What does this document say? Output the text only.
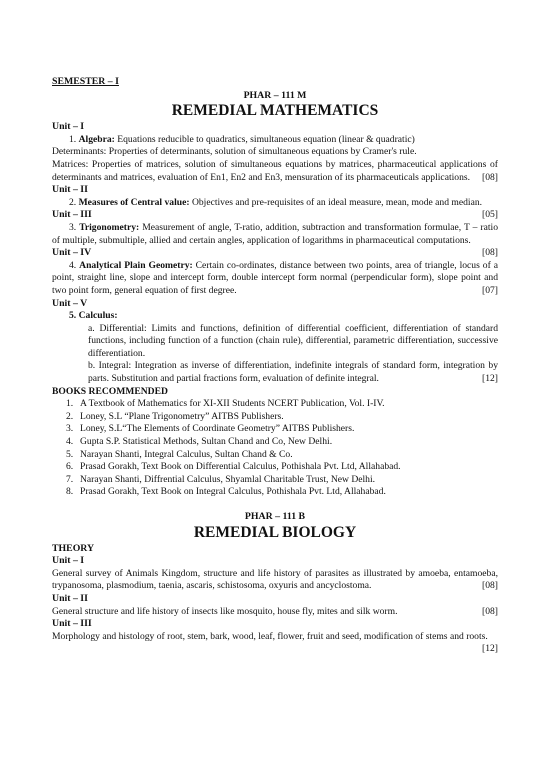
SEMESTER – I
PHAR – 111 M
REMEDIAL MATHEMATICS
Unit – I
1. Algebra: Equations reducible to quadratics, simultaneous equation (linear & quadratic)
Determinants: Properties of determinants, solution of simultaneous equations by Cramer's rule.
Matrices: Properties of matrices, solution of simultaneous equations by matrices, pharmaceutical applications of determinants and matrices, evaluation of En1, En2 and En3, mensuration of its pharmaceuticals applications. [08]
Unit – II
2. Measures of Central value: Objectives and pre-requisites of an ideal measure, mean, mode and median.
[05]
Unit – III
3. Trigonometry: Measurement of angle, T-ratio, addition, subtraction and transformation formulae, T – ratio of multiple, submultiple, allied and certain angles, application of logarithms in pharmaceutical computations.
[08]
Unit – IV
4. Analytical Plain Geometry: Certain co-ordinates, distance between two points, area of triangle, locus of a point, straight line, slope and intercept form, double intercept form normal (perpendicular form), slope point and two point form, general equation of first degree.	[07]
Unit – V
5. Calculus:
a. Differential: Limits and functions, definition of differential coefficient, differentiation of standard functions, including function of a function (chain rule), differential, parametric differentiation, successive differentiation.
b. Integral: Integration as inverse of differentiation, indefinite integrals of standard form, integration by parts. Substitution and partial fractions form, evaluation of definite integral.	[12]
BOOKS RECOMMENDED
1. A Textbook of Mathematics for XI-XII Students NCERT Publication, Vol. I-IV.
2. Loney, S.L “Plane Trigonometry” AITBS Publishers.
3. Loney, S.L“The Elements of Coordinate Geometry” AITBS Publishers.
4. Gupta S.P. Statistical Methods, Sultan Chand and Co, New Delhi.
5. Narayan Shanti, Integral Calculus, Sultan Chand & Co.
6. Prasad Gorakh, Text Book on Differential Calculus, Pothishala Pvt. Ltd, Allahabad.
7. Narayan Shanti, Diffrential Calculus, Shyamlal Charitable Trust, New Delhi.
8. Prasad Gorakh, Text Book on Integral Calculus, Pothishala Pvt. Ltd, Allahabad.
PHAR – 111 B
REMEDIAL BIOLOGY
THEORY
Unit – I
General survey of Animals Kingdom, structure and life history of parasites as illustrated by amoeba, entamoeba, trypanosoma, plasmodium, taenia, ascaris, schistosoma, oxyuris and ancyclostoma.	[08]
Unit – II
General structure and life history of insects like mosquito, house fly, mites and silk worm.	[08]
Unit – III
Morphology and histology of root, stem, bark, wood, leaf, flower, fruit and seed, modification of stems and roots.
[12]
